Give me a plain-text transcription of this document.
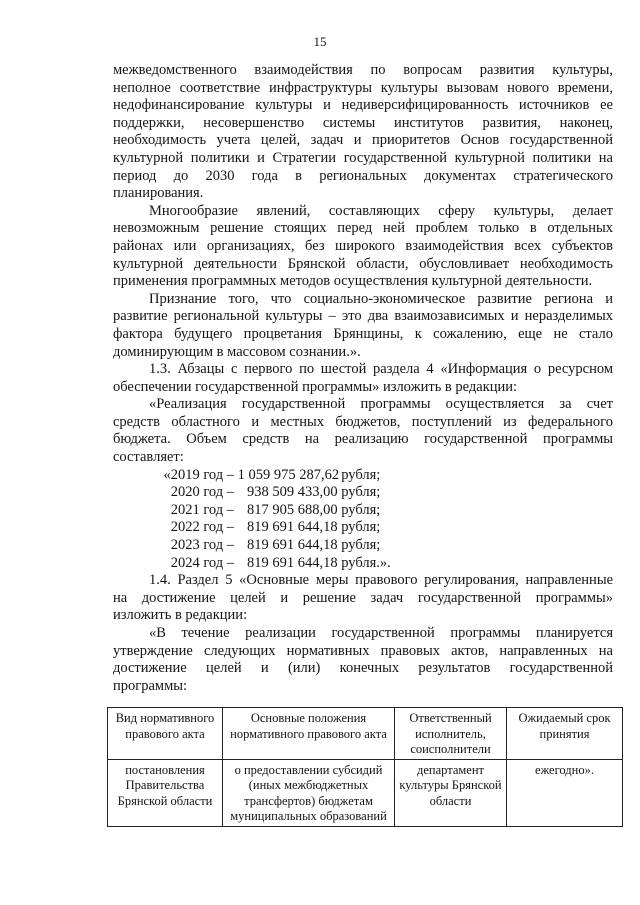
15

межведомственного взаимодействия по вопросам развития культуры,

неполное соответствие инфраструктуры культуры вызовам нового времени,

недофинансирование культуры и недиверсифицированность источников ее

поддержки, несовершенство системы институтов развития, наконец,

необходимость учета целей, задач и приоритетов Основ государственной

культурной политики и Стратегии государственной культурной политики на

период до 2030 года в региональных документах стратегического

планирования.

Многообразие явлений, составляющих сферу культуры, делает

невозможным решение стоящих перед ней проблем только в отдельных

районах или организациях, без широкого взаимодействия всех субъектов

культурной деятельности Брянской области, обусловливает необходимость

применения программных методов осуществления культурной деятельности.

Признание того, что социально-экономическое развитие региона и

развитие региональной культуры – это два взаимозависимых и неразделимых

фактора будущего процветания Брянщины, к сожалению, еще не стало

доминирующим в массовом сознании.».

1.3. Абзацы с первого по шестой раздела 4 «Информация о ресурсном

обеспечении государственной программы» изложить в редакции:

«Реализация государственной программы осуществляется за счет

средств областного и местных бюджетов, поступлений из федерального

бюджета. Объем средств на реализацию государственной программы

составляет:

«2019 год – 1 059 975 287,62 рубля;

2020 год – 938 509 433,00 рубля;

2021 год – 817 905 688,00 рубля;

2022 год – 819 691 644,18 рубля;

2023 год – 819 691 644,18 рубля;

2024 год – 819 691 644,18 рубля.».

1.4. Раздел 5 «Основные меры правового регулирования, направленные

на достижение целей и решение задач государственной программы»

изложить в редакции:

«В течение реализации государственной программы планируется

утверждение следующих нормативных правовых актов, направленных на

достижение целей и (или) конечных результатов государственной

программы:

Вид нормативного правового акта	Основные положения нормативного правового акта	Ответственный исполнитель, соисполнители	Ожидаемый срок принятия
постановления Правительства Брянской области	о предоставлении субсидий (иных межбюджетных трансфертов) бюджетам муниципальных образований	департамент культуры Брянской области	ежегодно».
